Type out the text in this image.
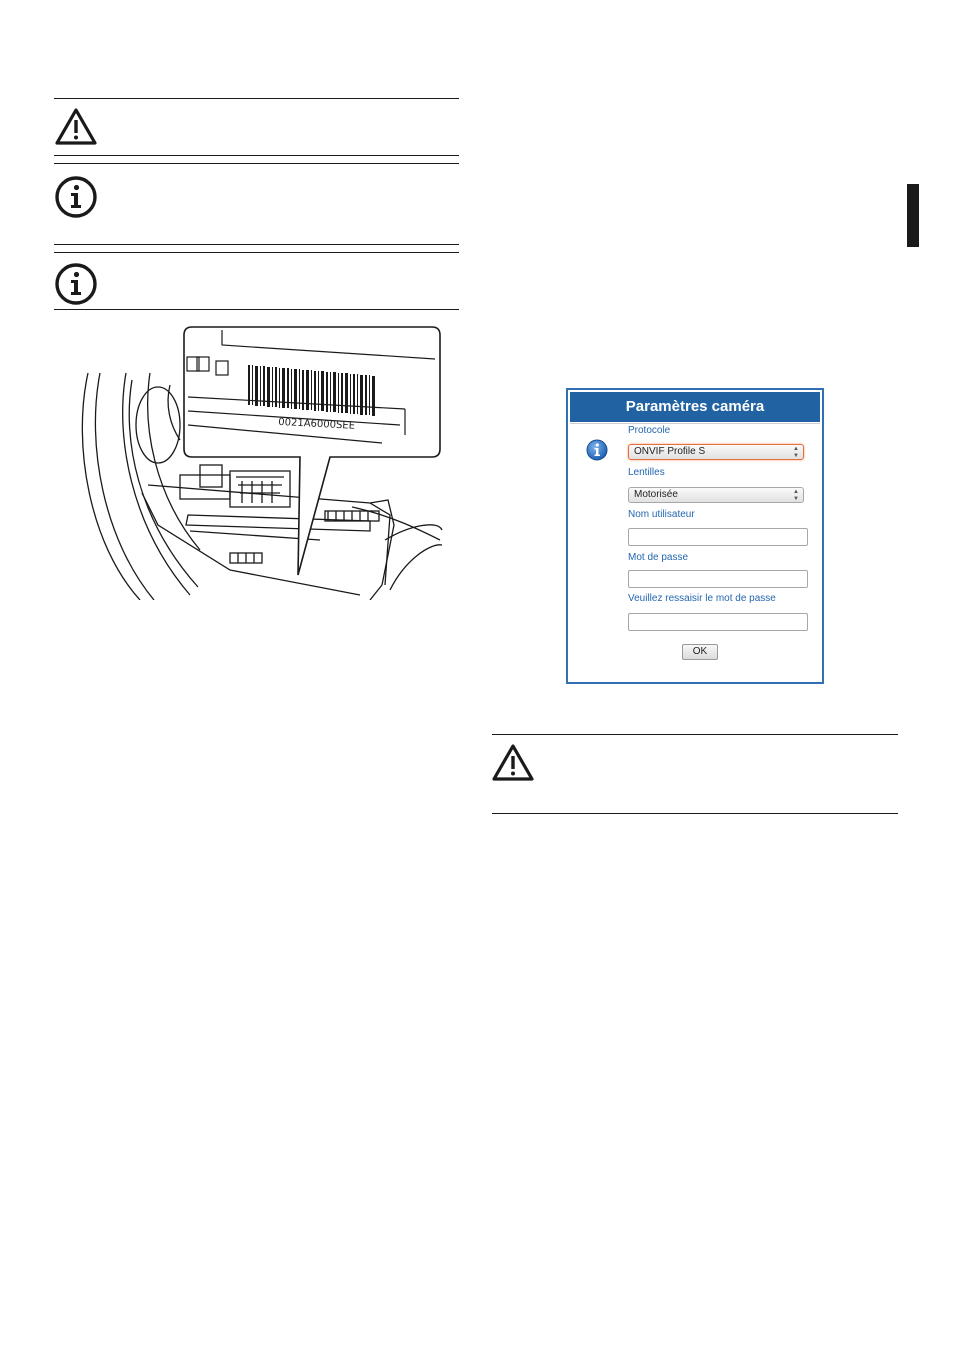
0021A6000SEE
Paramètres caméra
Protocole
ONVIF Profile S	▲
▼
Lentilles
Motorisée	▲
▼
Nom utilisateur
Mot de passe
Veuillez ressaisir le mot de passe
OK
